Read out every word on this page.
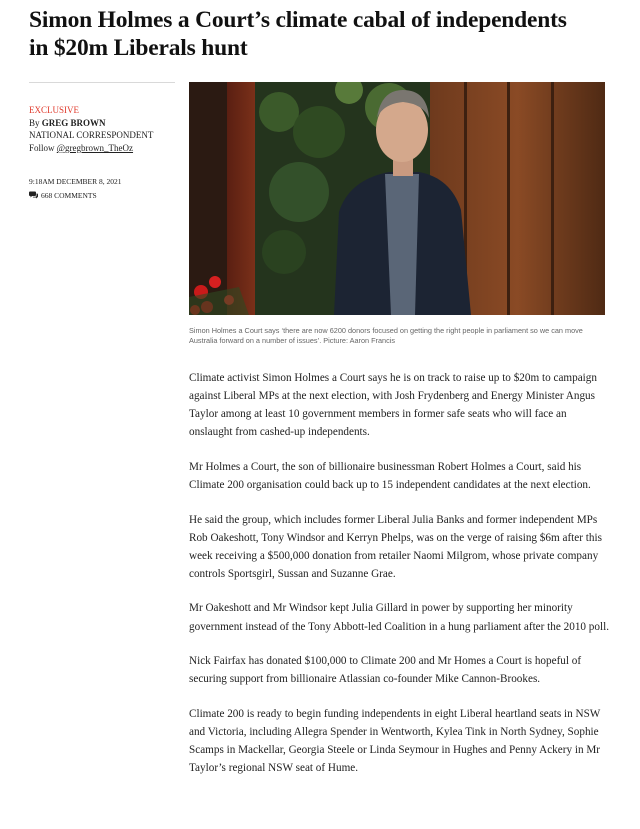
Simon Holmes a Court’s climate cabal of independents in $20m Liberals hunt
EXCLUSIVE
By GREG BROWN
NATIONAL CORRESPONDENT
Follow @gregbrown_TheOz
9:18AM DECEMBER 8, 2021
668 COMMENTS
Simon Holmes a Court says ‘there are now 6200 donors focused on getting the right people in parliament so we can move Australia forward on a number of issues’. Picture: Aaron Francis

Climate activist Simon Holmes a Court says he is on track to raise up to $20m to campaign against Liberal MPs at the next election, with Josh Frydenberg and Energy Minister Angus Taylor among at least 10 government members in former safe seats who will face an onslaught from cashed-up independents.

Mr Holmes a Court, the son of billionaire businessman Robert Holmes a Court, said his Climate 200 organisation could back up to 15 independent candidates at the next election.

He said the group, which includes former Liberal Julia Banks and former independent MPs Rob Oakeshott, Tony Windsor and Kerryn Phelps, was on the verge of raising $6m after this week receiving a $500,000 donation from retailer Naomi Milgrom, whose private company controls Sportsgirl, Sussan and Suzanne Grae.

Mr Oakeshott and Mr Windsor kept Julia Gillard in power by supporting her minority government instead of the Tony Abbott-led Coalition in a hung parliament after the 2010 poll.

Nick Fairfax has donated $100,000 to Climate 200 and Mr Homes a Court is hopeful of securing support from billionaire Atlassian co-founder Mike Cannon-Brookes.

Climate 200 is ready to begin funding independents in eight Liberal heartland seats in NSW and Victoria, including Allegra Spender in Wentworth, Kylea Tink in North Sydney, Sophie Scamps in Mackellar, Georgia Steele or Linda Seymour in Hughes and Penny Ackery in Mr Taylor’s regional NSW seat of Hume.
